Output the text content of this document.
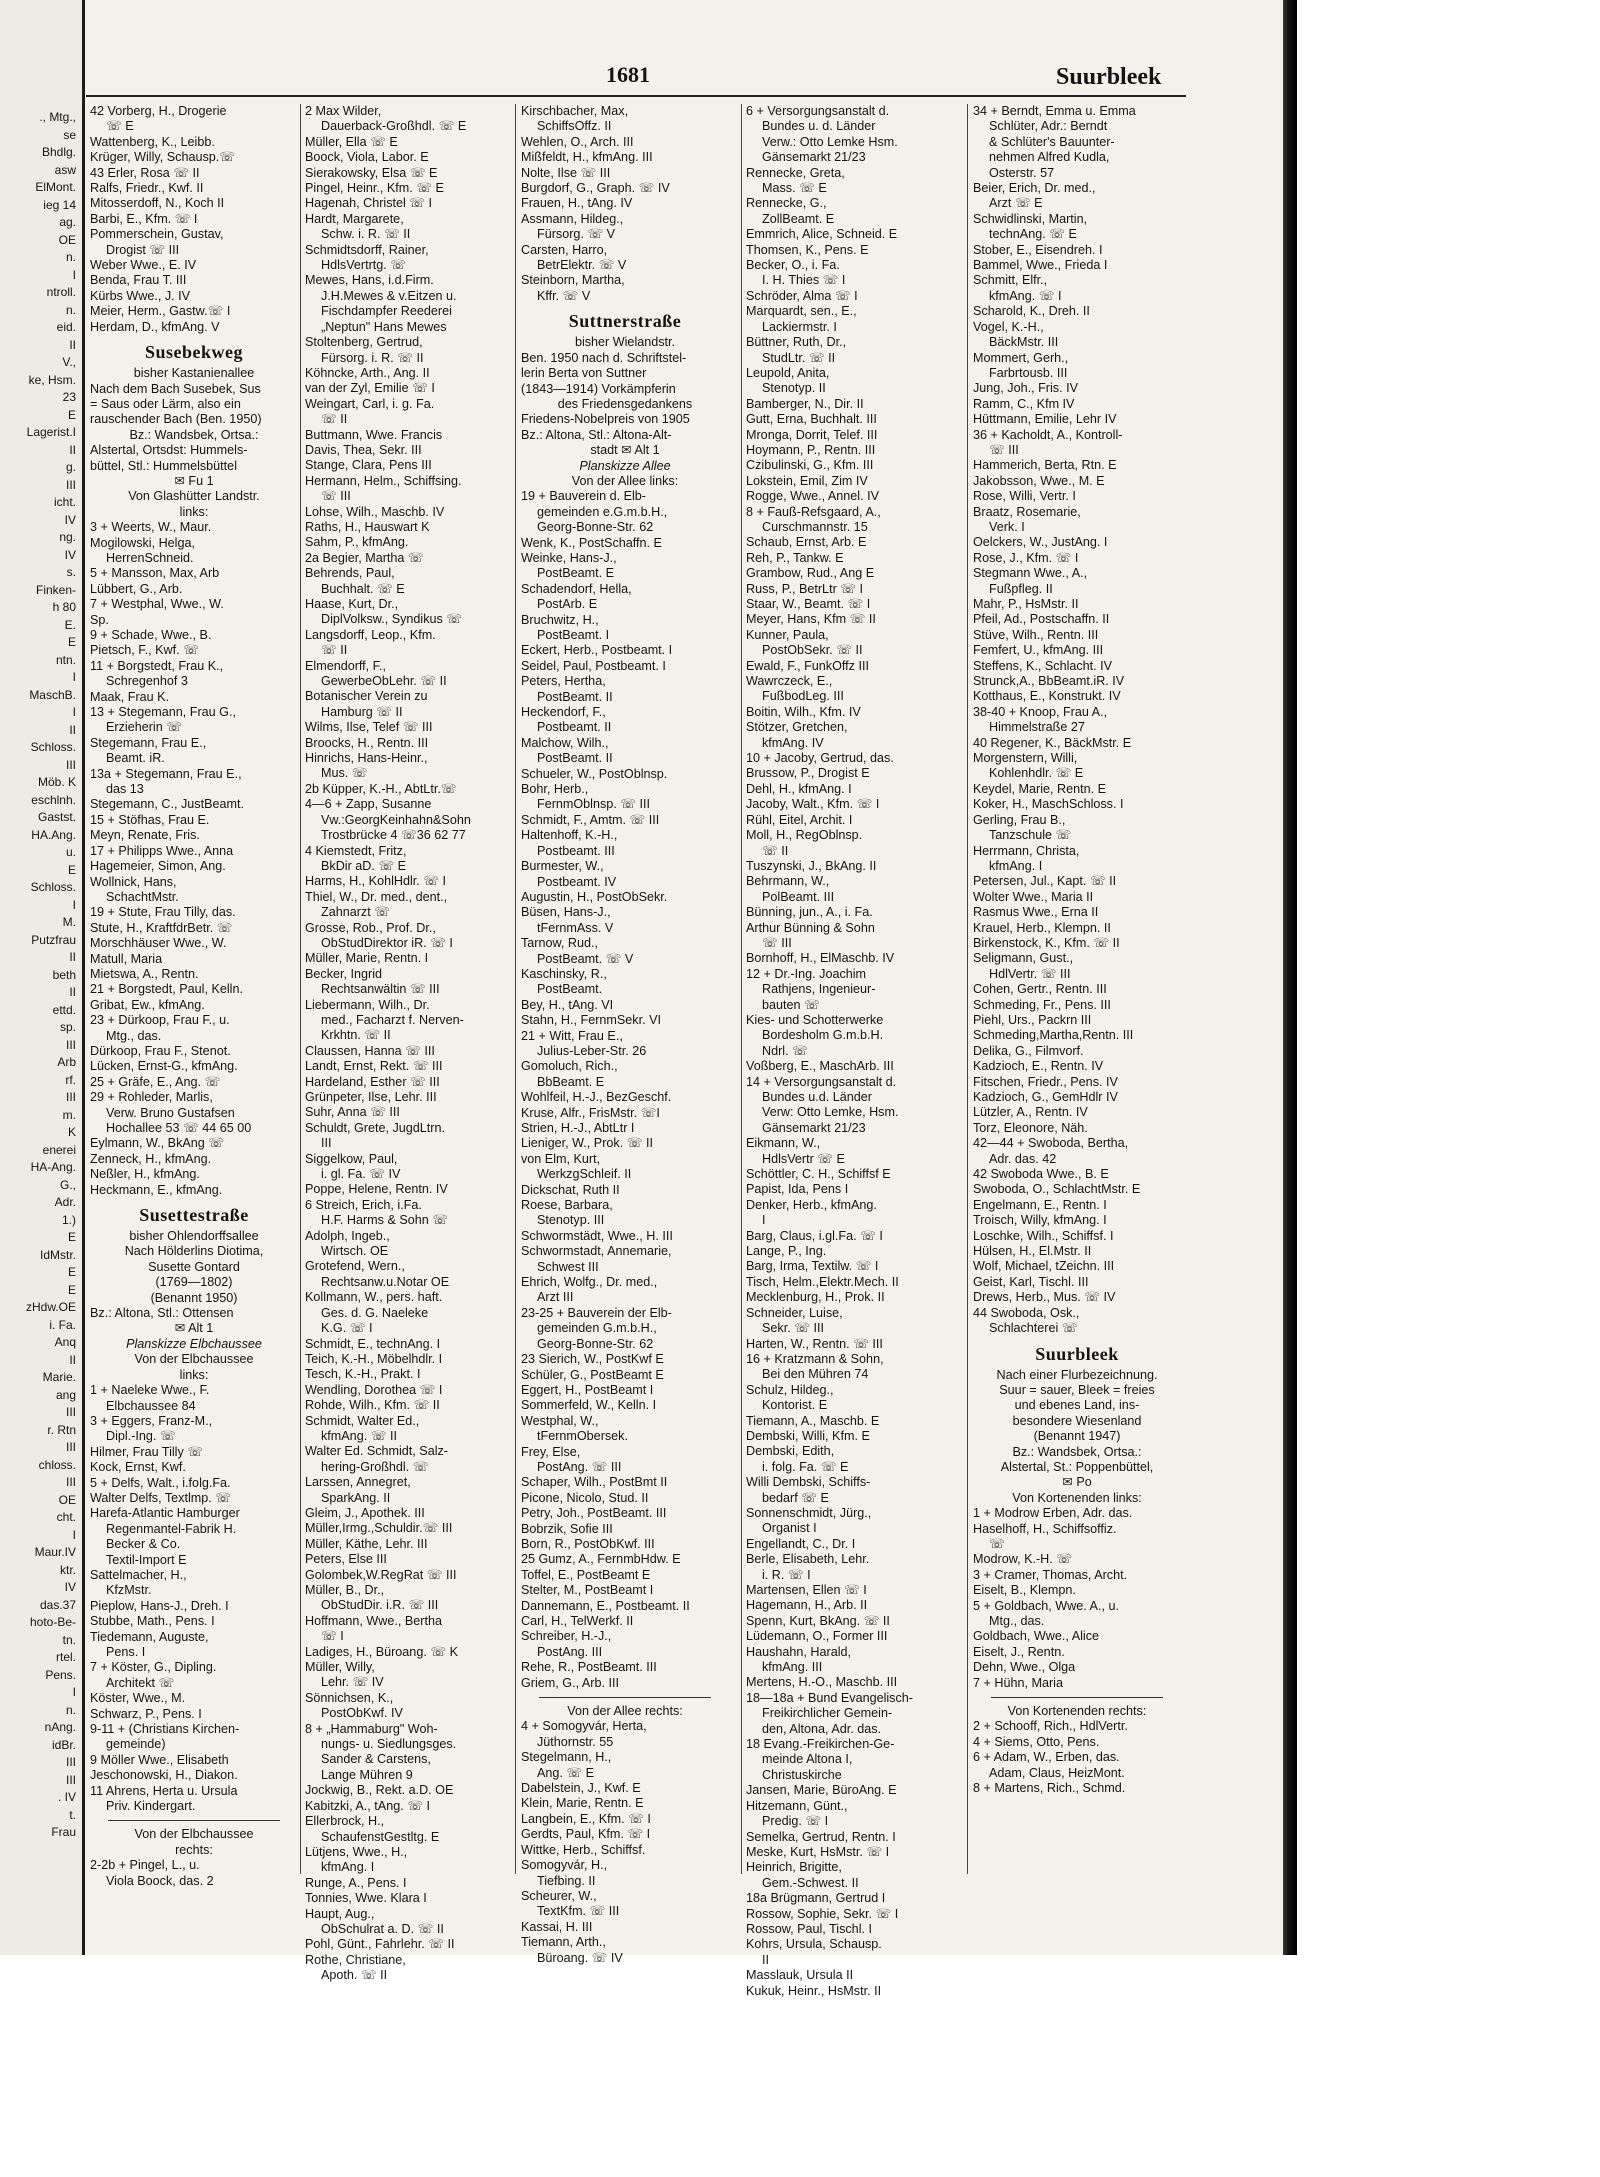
., Mtg.,
se
Bhdlg.
asw
ElMont.
ieg 14
ag.
OE
n.
I
ntroll.
n.
eid.
II
V.,
ke, Hsm.
23
E
Lagerist.I
II
g.
III
icht.
IV
ng.
IV
s.
Finken-
h 80
E.
E
ntn.
I
MaschB.
I
II
Schloss.
III
Möb. K
eschlnh.
Gastst.
HA.Ang.
u.
E
Schloss.
I
M.
Putzfrau
II
beth
II
ettd.
sp.
III
Arb
rf.
III
m.
K
enerei
HA-Ang.
G.,
Adr.
1.)
E
IdMstr.
E
E
zHdw.OE
i. Fa.
Anq
II
Marie.
ang
III
r. Rtn
III
chloss.
III
OE
cht.
I
Maur.IV
ktr.
IV
das.37
hoto-Be-
tn.
rtel.
Pens.
I
n.
nAng.
idBr.
III
III
. IV
t.
Frau
1681	Suurbleek
42 Vorberg, H., Drogerie
☏ E
Wattenberg, K., Leibb.
Krüger, Willy, Schausp.☏
43 Erler, Rosa ☏ II
Ralfs, Friedr., Kwf. II
Mitosserdoff, N., Koch II
Barbi, E., Kfm. ☏ I
Pommerschein, Gustav,
Drogist ☏ III
Weber Wwe., E. IV
Benda, Frau T. III
Kürbs Wwe., J. IV
Meier, Herm., Gastw.☏ I
Herdam, D., kfmAng. V
Susebekweg
bisher Kastanienallee
Nach dem Bach Susebek, Sus
= Saus oder Lärm, also ein
rauschender Bach (Ben. 1950)
Bz.: Wandsbek, Ortsa.:
Alstertal, Ortsdst: Hummels-
büttel, Stl.: Hummelsbüttel
✉ Fu 1
Von Glashütter Landstr.
links:
3 + Weerts, W., Maur.
Mogilowski, Helga,
HerrenSchneid.
5 + Mansson, Max, Arb
Lübbert, G., Arb.
7 + Westphal, Wwe., W.
Sp.
9 + Schade, Wwe., B.
Pietsch, F., Kwf. ☏
11 + Borgstedt, Frau K.,
Schregenhof 3
Maak, Frau K.
13 + Stegemann, Frau G.,
Erzieherin ☏
Stegemann, Frau E.,
Beamt. iR.
13a + Stegemann, Frau E.,
das 13
Stegemann, C., JustBeamt.
15 + Stöfhas, Frau E.
Meyn, Renate, Fris.
17 + Philipps Wwe., Anna
Hagemeier, Simon, Ang.
Wollnick, Hans,
SchachtMstr.
19 + Stute, Frau Tilly, das.
Stute, H., KraftfdrBetr. ☏
Morschhäuser Wwe., W.
Matull, Maria
Mietswa, A., Rentn.
21 + Borgstedt, Paul, Kelln.
Gribat, Ew., kfmAng.
23 + Dürkoop, Frau F., u.
Mtg., das.
Dürkoop, Frau F., Stenot.
Lücken, Ernst-G., kfmAng.
25 + Gräfe, E., Ang. ☏
29 + Rohleder, Marlis,
Verw. Bruno Gustafsen
Hochallee 53 ☏ 44 65 00
Eylmann, W., BkAng ☏
Zenneck, H., kfmAng.
Neßler, H., kfmAng.
Heckmann, E., kfmAng.
Susettestraße
bisher Ohlendorffsallee
Nach Hölderlins Diotima,
Susette Gontard
(1769—1802)
(Benannt 1950)
Bz.: Altona, Stl.: Ottensen
✉ Alt 1
Planskizze Elbchaussee
Von der Elbchaussee
links:
1 + Naeleke Wwe., F.
Elbchaussee 84
3 + Eggers, Franz-M.,
Dipl.-Ing. ☏
Hilmer, Frau Tilly ☏
Kock, Ernst, Kwf.
5 + Delfs, Walt., i.folg.Fa.
Walter Delfs, Textlmp. ☏
Harefa-Atlantic Hamburger
Regenmantel-Fabrik H.
Becker & Co.
Textil-Import E
Sattelmacher, H.,
KfzMstr.
Pieplow, Hans-J., Dreh. I
Stubbe, Math., Pens. I
Tiedemann, Auguste,
Pens. I
7 + Köster, G., Dipling.
Architekt ☏
Köster, Wwe., M.
Schwarz, P., Pens. I
9-11 + (Christians Kirchen-
gemeinde)
9 Möller Wwe., Elisabeth
Jeschonowski, H., Diakon.
11 Ahrens, Herta u. Ursula
Priv. Kindergart.
Von der Elbchaussee
rechts:
2-2b + Pingel, L., u.
Viola Boock, das. 2
2 Max Wilder,
Dauerback-Großhdl. ☏ E
Müller, Ella ☏ E
Boock, Viola, Labor. E
Sierakowsky, Elsa ☏ E
Pingel, Heinr., Kfm. ☏ E
Hagenah, Christel ☏ I
Hardt, Margarete,
Schw. i. R. ☏ II
Schmidtsdorff, Rainer,
HdlsVertrtg. ☏
Mewes, Hans, i.d.Firm.
J.H.Mewes & v.Eitzen u.
Fischdampfer Reederei
„Neptun" Hans Mewes
Stoltenberg, Gertrud,
Fürsorg. i. R. ☏ II
Köhncke, Arth., Ang. II
van der Zyl, Emilie ☏ I
Weingart, Carl, i. g. Fa.
☏ II
Buttmann, Wwe. Francis
Davis, Thea, Sekr. III
Stange, Clara, Pens III
Hermann, Helm., Schiffsing.
☏ III
Lohse, Wilh., Maschb. IV
Raths, H., Hauswart K
Sahm, P., kfmAng.
2a Begier, Martha ☏
Behrends, Paul,
Buchhalt. ☏ E
Haase, Kurt, Dr.,
DiplVolksw., Syndikus ☏
Langsdorff, Leop., Kfm.
☏ II
Elmendorff, F.,
GewerbeObLehr. ☏ II
Botanischer Verein zu
Hamburg ☏ II
Wilms, Ilse, Telef ☏ III
Broocks, H., Rentn. III
Hinrichs, Hans-Heinr.,
Mus. ☏
2b Küpper, K.-H., AbtLtr.☏
4—6 + Zapp, Susanne
Vw.:GeorgKeinhahn&Sohn
Trostbrücke 4 ☏36 62 77
4 Kiemstedt, Fritz,
BkDir aD. ☏ E
Harms, H., KohlHdlr. ☏ I
Thiel, W., Dr. med., dent.,
Zahnarzt ☏
Grosse, Rob., Prof. Dr.,
ObStudDirektor iR. ☏ I
Müller, Marie, Rentn. I
Becker, Ingrid
Rechtsanwältin ☏ III
Liebermann, Wilh., Dr.
med., Facharzt f. Nerven-
Krkhtn. ☏ II
Claussen, Hanna ☏ III
Landt, Ernst, Rekt. ☏ III
Hardeland, Esther ☏ III
Grünpeter, Ilse, Lehr. III
Suhr, Anna ☏ III
Schuldt, Grete, JugdLtrn.
III
Siggelkow, Paul,
i. gl. Fa. ☏ IV
Poppe, Helene, Rentn. IV
6 Streich, Erich, i.Fa.
H.F. Harms & Sohn ☏
Adolph, Ingeb.,
Wirtsch. OE
Grotefend, Wern.,
Rechtsanw.u.Notar OE
Kollmann, W., pers. haft.
Ges. d. G. Naeleke
K.G. ☏ I
Schmidt, E., technAng. I
Teich, K.-H., Möbelhdlr. I
Tesch, K.-H., Prakt. I
Wendling, Dorothea ☏ I
Rohde, Wilh., Kfm. ☏ II
Schmidt, Walter Ed.,
kfmAng. ☏ II
Walter Ed. Schmidt, Salz-
hering-Großhdl. ☏
Larssen, Annegret,
SparkAng. II
Gleim, J., Apothek. III
Müller,Irmg.,Schuldir.☏ III
Müller, Käthe, Lehr. III
Peters, Else III
Golombek,W.RegRat ☏ III
Müller, B., Dr.,
ObStudDir. i.R. ☏ III
Hoffmann, Wwe., Bertha
☏ I
Ladiges, H., Büroang. ☏ K
Müller, Willy,
Lehr. ☏ IV
Sönnichsen, K.,
PostObKwf. IV
8 + „Hammaburg" Woh-
nungs- u. Siedlungsges.
Sander & Carstens,
Lange Mühren 9
Jockwig, B., Rekt. a.D. OE
Kabitzki, A., tAng. ☏ I
Ellerbrock, H.,
SchaufenstGestltg. E
Lütjens, Wwe., H.,
kfmAng. I
Runge, A., Pens. I
Tonnies, Wwe. Klara I
Haupt, Aug.,
ObSchulrat a. D. ☏ II
Pohl, Günt., Fahrlehr. ☏ II
Rothe, Christiane,
Apoth. ☏ II
Kirschbacher, Max,
SchiffsOffz. II
Wehlen, O., Arch. III
Mißfeldt, H., kfmAng. III
Nolte, Ilse ☏ III
Burgdorf, G., Graph. ☏ IV
Frauen, H., tAng. IV
Assmann, Hildeg.,
Fürsorg. ☏ V
Carsten, Harro,
BetrElektr. ☏ V
Steinborn, Martha,
Kffr. ☏ V
Suttnerstraße
bisher Wielandstr.
Ben. 1950 nach d. Schriftstel-
lerin Berta von Suttner
(1843—1914) Vorkämpferin
des Friedensgedankens
Friedens-Nobelpreis von 1905
Bz.: Altona, Stl.: Altona-Alt-
stadt ✉ Alt 1
Planskizze Allee
Von der Allee links:
19 + Bauverein d. Elb-
gemeinden e.G.m.b.H.,
Georg-Bonne-Str. 62
Wenk, K., PostSchaffn. E
Weinke, Hans-J.,
PostBeamt. E
Schadendorf, Hella,
PostArb. E
Bruchwitz, H.,
PostBeamt. I
Eckert, Herb., Postbeamt. I
Seidel, Paul, Postbeamt. I
Peters, Hertha,
PostBeamt. II
Heckendorf, F.,
Postbeamt. II
Malchow, Wilh.,
PostBeamt. II
Schueler, W., PostOblnsp.
Bohr, Herb.,
FernmOblnsp. ☏ III
Schmidt, F., Amtm. ☏ III
Haltenhoff, K.-H.,
Postbeamt. III
Burmester, W.,
Postbeamt. IV
Augustin, H., PostObSekr.
Büsen, Hans-J.,
tFernmAss. V
Tarnow, Rud.,
PostBeamt. ☏ V
Kaschinsky, R.,
PostBeamt.
Bey, H., tAng. VI
Stahn, H., FernmSekr. VI
21 + Witt, Frau E.,
Julius-Leber-Str. 26
Gomoluch, Rich.,
BbBeamt. E
Wohlfeil, H.-J., BezGeschf.
Kruse, Alfr., FrisMstr. ☏I
Strien, H.-J., AbtLtr I
Lieniger, W., Prok. ☏ II
von Elm, Kurt,
WerkzgSchleif. II
Dickschat, Ruth II
Roese, Barbara,
Stenotyp. III
Schwormstädt, Wwe., H. III
Schwormstadt, Annemarie,
Schwest III
Ehrich, Wolfg., Dr. med.,
Arzt III
23-25 + Bauverein der Elb-
gemeinden G.m.b.H.,
Georg-Bonne-Str. 62
23 Sierich, W., PostKwf E
Schüler, G., PostBeamt E
Eggert, H., PostBeamt I
Sommerfeld, W., Kelln. I
Westphal, W.,
tFernmObersek.
Frey, Else,
PostAng. ☏ III
Schaper, Wilh., PostBmt II
Picone, Nicolo, Stud. II
Petry, Joh., PostBeamt. III
Bobrzik, Sofie III
Born, R., PostObKwf. III
25 Gumz, A., FernmbHdw. E
Toffel, E., PostBeamt E
Stelter, M., PostBeamt I
Dannemann, E., Postbeamt. II
Carl, H., TelWerkf. II
Schreiber, H.-J.,
PostAng. III
Rehe, R., PostBeamt. III
Griem, G., Arb. III
Von der Allee rechts:
4 + Somogyvár, Herta,
Jüthornstr. 55
Stegelmann, H.,
Ang. ☏ E
Dabelstein, J., Kwf. E
Klein, Marie, Rentn. E
Langbein, E., Kfm. ☏ I
Gerdts, Paul, Kfm. ☏ I
Wittke, Herb., Schiffsf.
Somogyvár, H.,
Tiefbing. II
Scheurer, W.,
TextKfm. ☏ III
Kassai, H. III
Tiemann, Arth.,
Büroang. ☏ IV
6 + Versorgungsanstalt d.
Bundes u. d. Länder
Verw.: Otto Lemke Hsm.
Gänsemarkt 21/23
Rennecke, Greta,
Mass. ☏ E
Rennecke, G.,
ZollBeamt. E
Emmrich, Alice, Schneid. E
Thomsen, K., Pens. E
Becker, O., i. Fa.
I. H. Thies ☏ I
Schröder, Alma ☏ I
Marquardt, sen., E.,
Lackiermstr. I
Büttner, Ruth, Dr.,
StudLtr. ☏ II
Leupold, Anita,
Stenotyp. II
Bamberger, N., Dir. II
Gutt, Erna, Buchhalt. III
Mronga, Dorrit, Telef. III
Hoymann, P., Rentn. III
Czibulinski, G., Kfm. III
Lokstein, Emil, Zim IV
Rogge, Wwe., Annel. IV
8 + Fauß-Refsgaard, A.,
Curschmannstr. 15
Schaub, Ernst, Arb. E
Reh, P., Tankw. E
Grambow, Rud., Ang E
Russ, P., BetrLtr ☏ I
Staar, W., Beamt. ☏ I
Meyer, Hans, Kfm ☏ II
Kunner, Paula,
PostObSekr. ☏ II
Ewald, F., FunkOffz III
Wawrczeck, E.,
FußbodLeg. III
Boitin, Wilh., Kfm. IV
Stötzer, Gretchen,
kfmAng. IV
10 + Jacoby, Gertrud, das.
Brussow, P., Drogist E
Dehl, H., kfmAng. I
Jacoby, Walt., Kfm. ☏ I
Rühl, Eitel, Archit. I
Moll, H., RegOblnsp.
☏ II
Tuszynski, J., BkAng. II
Behrmann, W.,
PolBeamt. III
Bünning, jun., A., i. Fa.
Arthur Bünning & Sohn
☏ III
Bornhoff, H., ElMaschb. IV
12 + Dr.-Ing. Joachim
Rathjens, Ingenieur-
bauten ☏
Kies- und Schotterwerke
Bordesholm G.m.b.H.
Ndrl. ☏
Voßberg, E., MaschArb. III
14 + Versorgungsanstalt d.
Bundes u.d. Länder
Verw: Otto Lemke, Hsm.
Gänsemarkt 21/23
Eikmann, W.,
HdlsVertr ☏ E
Schöttler, C. H., Schiffsf E
Papist, Ida, Pens I
Denker, Herb., kfmAng.
I
Barg, Claus, i.gl.Fa. ☏ I
Lange, P., Ing.
Barg, Irma, Textilw. ☏ I
Tisch, Helm.,Elektr.Mech. II
Mecklenburg, H., Prok. II
Schneider, Luise,
Sekr. ☏ III
Harten, W., Rentn. ☏ III
16 + Kratzmann & Sohn,
Bei den Mühren 74
Schulz, Hildeg.,
Kontorist. E
Tiemann, A., Maschb. E
Dembski, Willi, Kfm. E
Dembski, Edith,
i. folg. Fa. ☏ E
Willi Dembski, Schiffs-
bedarf ☏ E
Sonnenschmidt, Jürg.,
Organist I
Engellandt, C., Dr. I
Berle, Elisabeth, Lehr.
i. R. ☏ I
Martensen, Ellen ☏ I
Hagemann, H., Arb. II
Spenn, Kurt, BkAng. ☏ II
Lüdemann, O., Former III
Haushahn, Harald,
kfmAng. III
Mertens, H.-O., Maschb. III
18—18a + Bund Evangelisch-
Freikirchlicher Gemein-
den, Altona, Adr. das.
18 Evang.-Freikirchen-Ge-
meinde Altona I,
Christuskirche
Jansen, Marie, BüroAng. E
Hitzemann, Günt.,
Predig. ☏ I
Semelka, Gertrud, Rentn. I
Meske, Kurt, HsMstr. ☏ I
Heinrich, Brigitte,
Gem.-Schwest. II
18a Brügmann, Gertrud I
Rossow, Sophie, Sekr. ☏ I
Rossow, Paul, Tischl. I
Kohrs, Ursula, Schausp.
II
Masslauk, Ursula II
Kukuk, Heinr., HsMstr. II
34 + Berndt, Emma u. Emma
Schlüter, Adr.: Berndt
& Schlüter's Bauunter-
nehmen Alfred Kudla,
Osterstr. 57
Beier, Erich, Dr. med.,
Arzt ☏ E
Schwidlinski, Martin,
technAng. ☏ E
Stober, E., Eisendreh. I
Bammel, Wwe., Frieda I
Schmitt, Elfr.,
kfmAng. ☏ I
Scharold, K., Dreh. II
Vogel, K.-H.,
BäckMstr. III
Mommert, Gerh.,
Farbrtousb. III
Jung, Joh., Fris. IV
Ramm, C., Kfm IV
Hüttmann, Emilie, Lehr IV
36 + Kacholdt, A., Kontroll-
☏ III
Hammerich, Berta, Rtn. E
Jakobsson, Wwe., M. E
Rose, Willi, Vertr. I
Braatz, Rosemarie,
Verk. I
Oelckers, W., JustAng. I
Rose, J., Kfm. ☏ I
Stegmann Wwe., A.,
Fußpfleg. II
Mahr, P., HsMstr. II
Pfeil, Ad., Postschaffn. II
Stüve, Wilh., Rentn. III
Femfert, U., kfmAng. III
Steffens, K., Schlacht. IV
Strunck,A., BbBeamt.iR. IV
Kotthaus, E., Konstrukt. IV
38-40 + Knoop, Frau A.,
Himmelstraße 27
40 Regener, K., BäckMstr. E
Morgenstern, Willi,
Kohlenhdlr. ☏ E
Keydel, Marie, Rentn. E
Koker, H., MaschSchloss. I
Gerling, Frau B.,
Tanzschule ☏
Herrmann, Christa,
kfmAng. I
Petersen, Jul., Kapt. ☏ II
Wolter Wwe., Maria II
Rasmus Wwe., Erna II
Krauel, Herb., Klempn. II
Birkenstock, K., Kfm. ☏ II
Seligmann, Gust.,
HdlVertr. ☏ III
Cohen, Gertr., Rentn. III
Schmeding, Fr., Pens. III
Piehl, Urs., Packrn III
Schmeding,Martha,Rentn. III
Delika, G., Filmvorf.
Kadzioch, E., Rentn. IV
Fitschen, Friedr., Pens. IV
Kadzioch, G., GemHdlr IV
Lützler, A., Rentn. IV
Torz, Eleonore, Näh.
42—44 + Swoboda, Bertha,
Adr. das. 42
42 Swoboda Wwe., B. E
Swoboda, O., SchlachtMstr. E
Engelmann, E., Rentn. I
Troisch, Willy, kfmAng. I
Loschke, Wilh., Schiffsf. I
Hülsen, H., El.Mstr. II
Wolf, Michael, tZeichn. III
Geist, Karl, Tischl. III
Drews, Herb., Mus. ☏ IV
44 Swoboda, Osk.,
Schlachterei ☏
Suurbleek
Nach einer Flurbezeichnung.
Suur = sauer, Bleek = freies
und ebenes Land, ins-
besondere Wiesenland
(Benannt 1947)
Bz.: Wandsbek, Ortsa.:
Alstertal, St.: Poppenbüttel,
✉ Po
Von Kortenenden links:
1 + Modrow Erben, Adr. das.
Haselhoff, H., Schiffsoffiz.
☏
Modrow, K.-H. ☏
3 + Cramer, Thomas, Archt.
Eiselt, B., Klempn.
5 + Goldbach, Wwe. A., u.
Mtg., das.
Goldbach, Wwe., Alice
Eiselt, J., Rentn.
Dehn, Wwe., Olga
7 + Hühn, Maria
Von Kortenenden rechts:
2 + Schooff, Rich., HdlVertr.
4 + Siems, Otto, Pens.
6 + Adam, W., Erben, das.
Adam, Claus, HeizMont.
8 + Martens, Rich., Schmd.
